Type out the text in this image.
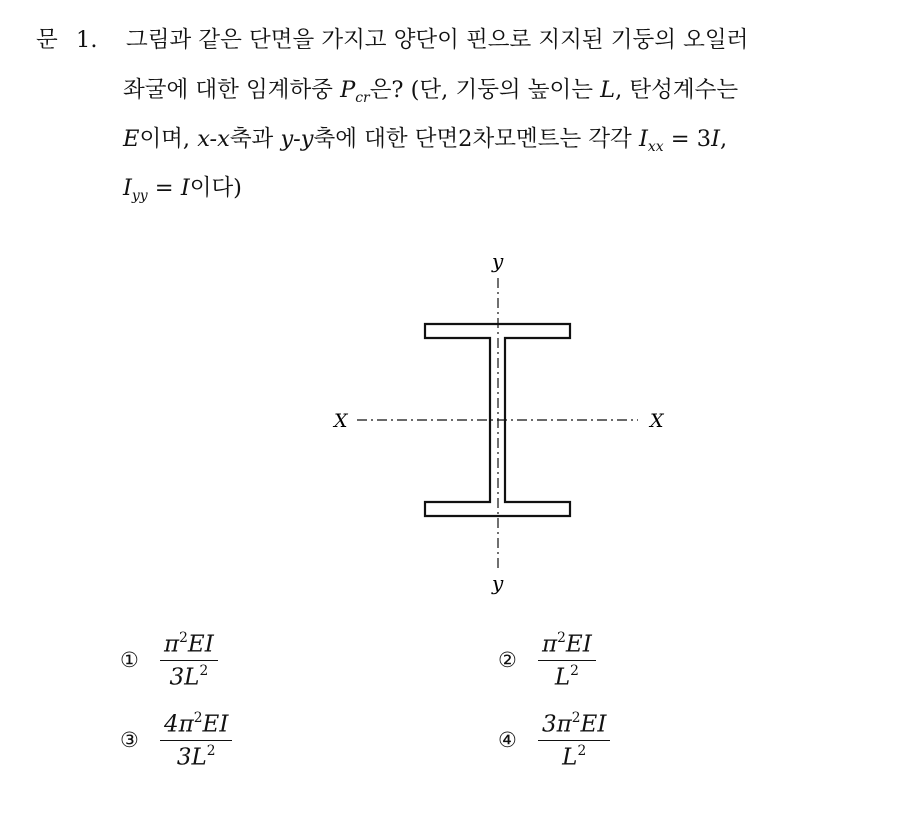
문 1. 그림과 같은 단면을 가지고 양단이 핀으로 지지된 기둥의 오일러
좌굴에 대한 임계하중 $P_{cr}$은? (단, 기둥의 높이는 L, 탄성계수는
E이며, x-x축과 y-y축에 대한 단면2차모멘트는 각각 $I_{xx} = 3I$,
$I_{yy} = I$이다)
y
y
X	X
① $\frac{\pi^2EI}{3L^2}$	② $\frac{\pi^2EI}{L^2}$
③ $\frac{4\pi^2EI}{3L^2}$	④ $\frac{3\pi^2EI}{L^2}$
